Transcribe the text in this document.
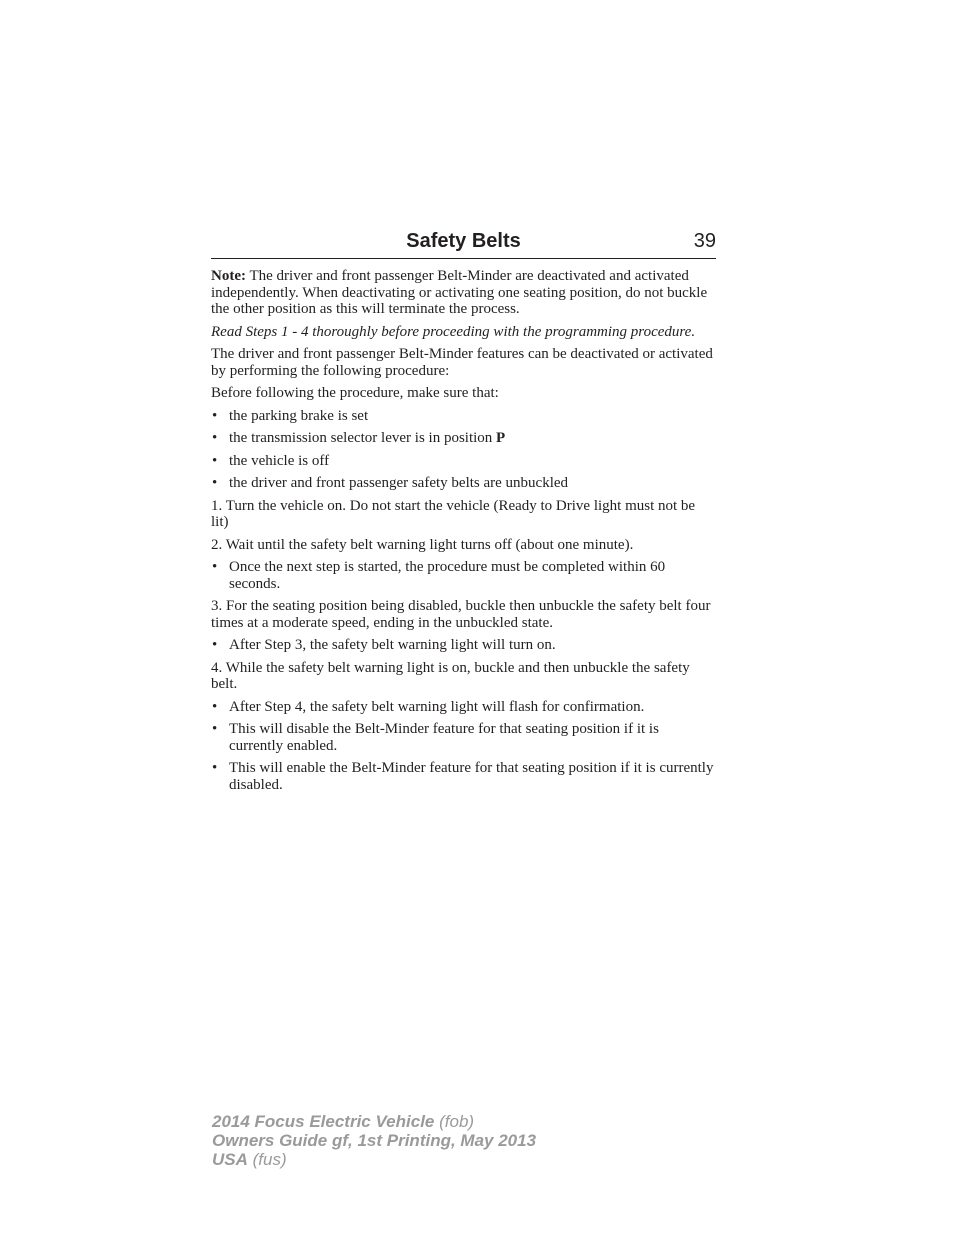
Safety Belts	39

Note: The driver and front passenger Belt-Minder are deactivated and activated independently. When deactivating or activating one seating position, do not buckle the other position as this will terminate the process.

Read Steps 1 - 4 thoroughly before proceeding with the programming procedure.

The driver and front passenger Belt-Minder features can be deactivated or activated by performing the following procedure:

Before following the procedure, make sure that:

• the parking brake is set
• the transmission selector lever is in position P
• the vehicle is off
• the driver and front passenger safety belts are unbuckled

1. Turn the vehicle on. Do not start the vehicle (Ready to Drive light must not be lit)

2. Wait until the safety belt warning light turns off (about one minute).

• Once the next step is started, the procedure must be completed within 60 seconds.

3. For the seating position being disabled, buckle then unbuckle the safety belt four times at a moderate speed, ending in the unbuckled state.

• After Step 3, the safety belt warning light will turn on.

4. While the safety belt warning light is on, buckle and then unbuckle the safety belt.

• After Step 4, the safety belt warning light will flash for confirmation.
• This will disable the Belt-Minder feature for that seating position if it is currently enabled.
• This will enable the Belt-Minder feature for that seating position if it is currently disabled.
2014 Focus Electric Vehicle (fob)
Owners Guide gf, 1st Printing, May 2013
USA (fus)
